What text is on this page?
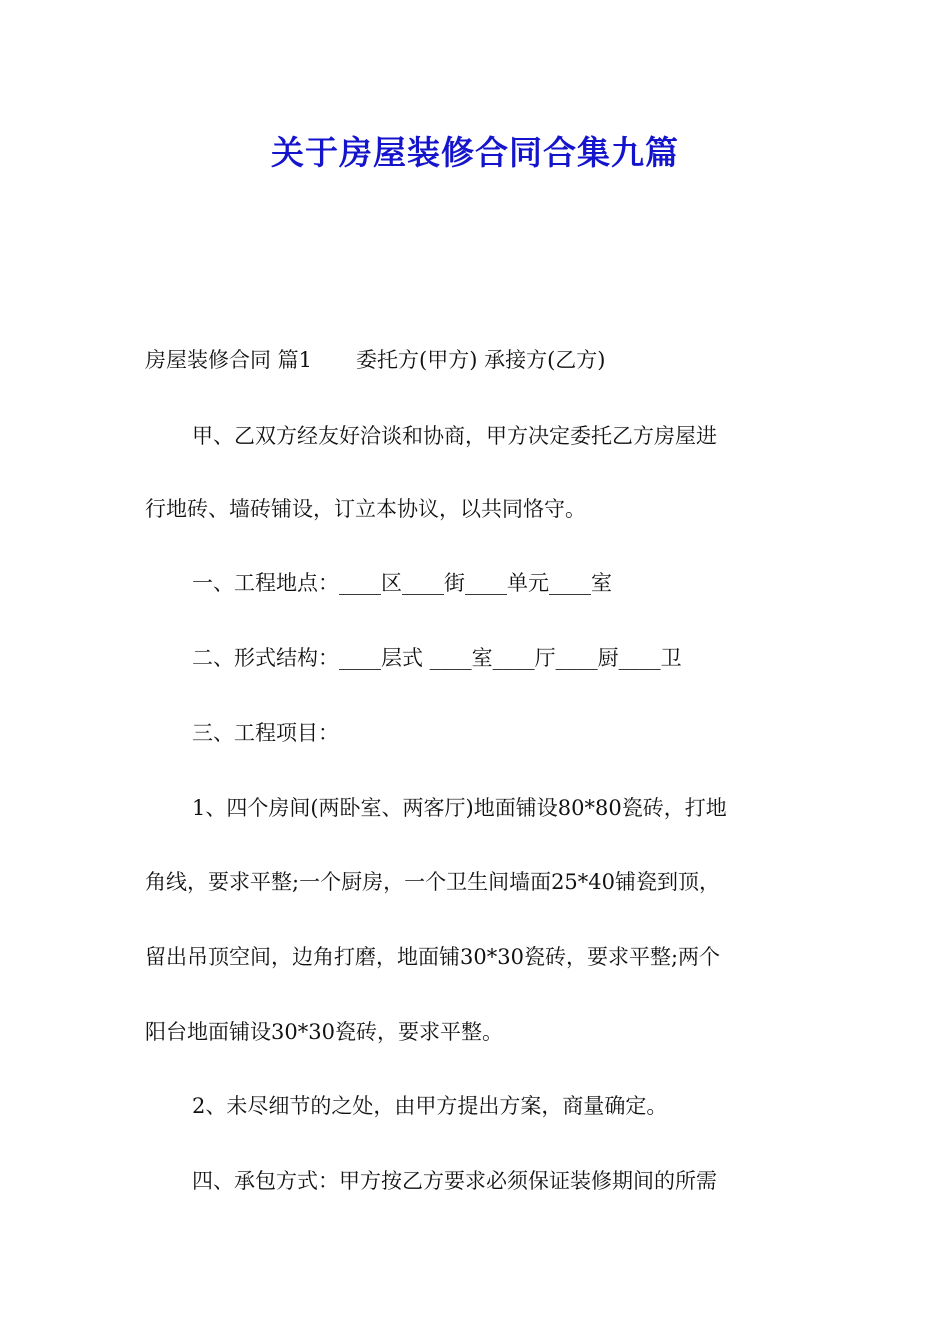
关于房屋装修合同合集九篇
房屋装修合同 篇1 委托方(甲方) 承接方(乙方)
甲、乙双方经友好洽谈和协商，甲方决定委托乙方房屋进
行地砖、墙砖铺设，订立本协议，以共同恪守。
一、工程地点：____区____街____单元____室
二、形式结构：____层式 ____室____厅____厨____卫
三、工程项目：
1、四个房间(两卧室、两客厅)地面铺设80*80瓷砖，打地
角线，要求平整;一个厨房，一个卫生间墙面25*40铺瓷到顶，
留出吊顶空间，边角打磨，地面铺30*30瓷砖，要求平整;两个
阳台地面铺设30*30瓷砖，要求平整。
2、未尽细节的之处，由甲方提出方案，商量确定。
四、承包方式：甲方按乙方要求必须保证装修期间的所需
